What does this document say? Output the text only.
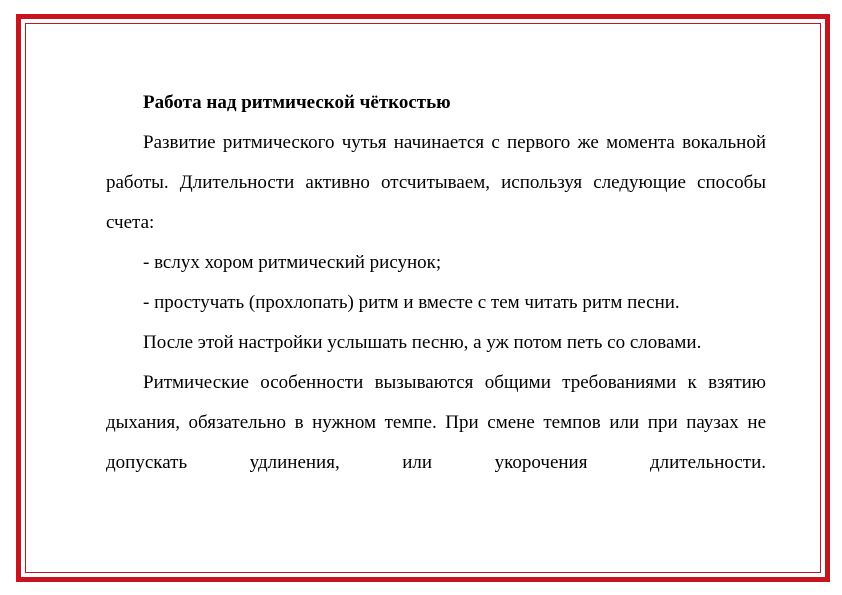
Работа над ритмической чёткостью

Развитие ритмического чутья начинается с первого же момента вокальной работы. Длительности активно отсчитываем, используя следующие способы счета:

- вслух хором ритмический рисунок;

- простучать (прохлопать) ритм и вместе с тем читать ритм песни.

После этой настройки услышать песню, а уж потом петь со словами.

Ритмические особенности вызываются общими требованиями к взятию дыхания, обязательно в нужном темпе. При смене темпов или при паузах не допускать удлинения, или укорочения длительности.
